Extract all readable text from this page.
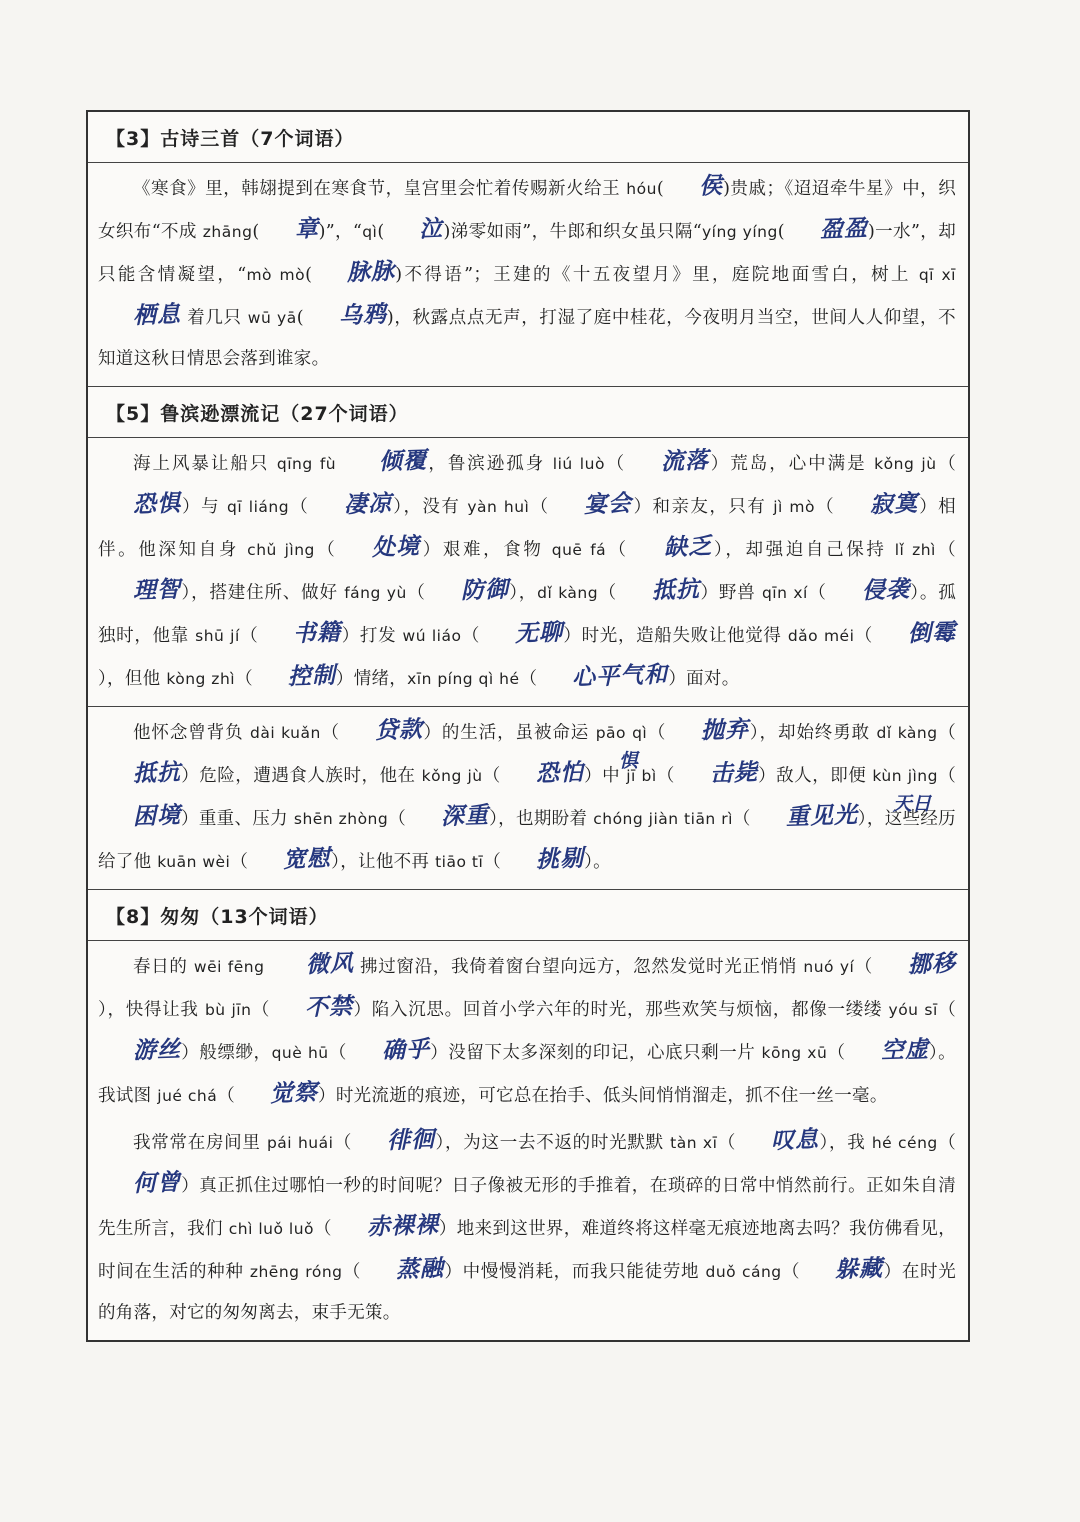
【3】古诗三首（7个词语）

《寒食》里，韩翃提到在寒食节，皇宫里会忙着传赐新火给王 hóu( 侯)贵戚；《迢迢牵牛星》中，织女织布“不成 zhāng( 章)”，“qì( 泣)涕零如雨”，牛郎和织女虽只隔“yíng yíng( 盈盈)一水”，却只能含情凝望，“mò mò( 脉脉)不得语”；王建的《十五夜望月》里，庭院地面雪白，树上 qī xī 栖息 着几只 wū yā( 乌鸦)，秋露点点无声，打湿了庭中桂花，今夜明月当空，世间人人仰望，不知道这秋日情思会落到谁家。

【5】鲁滨逊漂流记（27个词语）

海上风暴让船只 qīng fù 倾覆，鲁滨逊孤身 liú luò（ 流落）荒岛，心中满是 kǒng jù（恐惧）与 qī liáng（ 凄凉），没有 yàn huì（ 宴会）和亲友，只有 jì mò（ 寂寞）相伴。他深知自身 chǔ jìng（ 处境）艰难，食物 quē fá（ 缺乏），却强迫自己保持 lǐ zhì（理智），搭建住所、做好 fáng yù（ 防御），dǐ kàng（ 抵抗）野兽 qīn xí（ 侵袭）。孤独时，他靠 shū jí（ 书籍）打发 wú liáo（ 无聊）时光，造船失败让他觉得 dǎo méi（ 倒霉），但他 kòng zhì（ 控制）情绪，xīn píng qì hé（ 心平气和）面对。

他怀念曾背负 dài kuǎn（ 贷款）的生活，虽被命运 pāo qì（ 抛弃），却始终勇敢 dǐ kàng（抵抗）危险，遭遇食人族时，他在 kǒng jù（ 恐怕 惧）中 jī bì（ 击毙）敌人，即便 kùn jìng（困境）重重、压力 shēn zhòng（ 深重），也期盼着 chóng jiàn tiān rì（ 重见光 天日），这些经历给了他 kuān wèi（ 宽慰），让他不再 tiāo tī（ 挑剔）。

【8】匆匆（13个词语）

春日的 wēi fēng 微风 拂过窗沿，我倚着窗台望向远方，忽然发觉时光正悄悄 nuó yí（ 挪移），快得让我 bù jīn（ 不禁）陷入沉思。回首小学六年的时光，那些欢笑与烦恼，都像一缕缕 yóu sī（游丝）般缥缈，què hū（ 确乎）没留下太多深刻的印记，心底只剩一片 kōng xū（ 空虚）。我试图 jué chá（ 觉察）时光流逝的痕迹，可它总在抬手、低头间悄悄溜走，抓不住一丝一毫。

我常常在房间里 pái huái（ 徘徊），为这一去不返的时光默默 tàn xī（ 叹息），我 hé céng（何曾）真正抓住过哪怕一秒的时间呢？日子像被无形的手推着，在琐碎的日常中悄然前行。正如朱自清先生所言，我们 chì luǒ luǒ（ 赤裸裸）地来到这世界，难道终将这样毫无痕迹地离去吗？我仿佛看见，时间在生活的种种 zhēng róng（ 蒸融）中慢慢消耗，而我只能徒劳地 duǒ cáng（ 躲藏）在时光的角落，对它的匆匆离去，束手无策。
